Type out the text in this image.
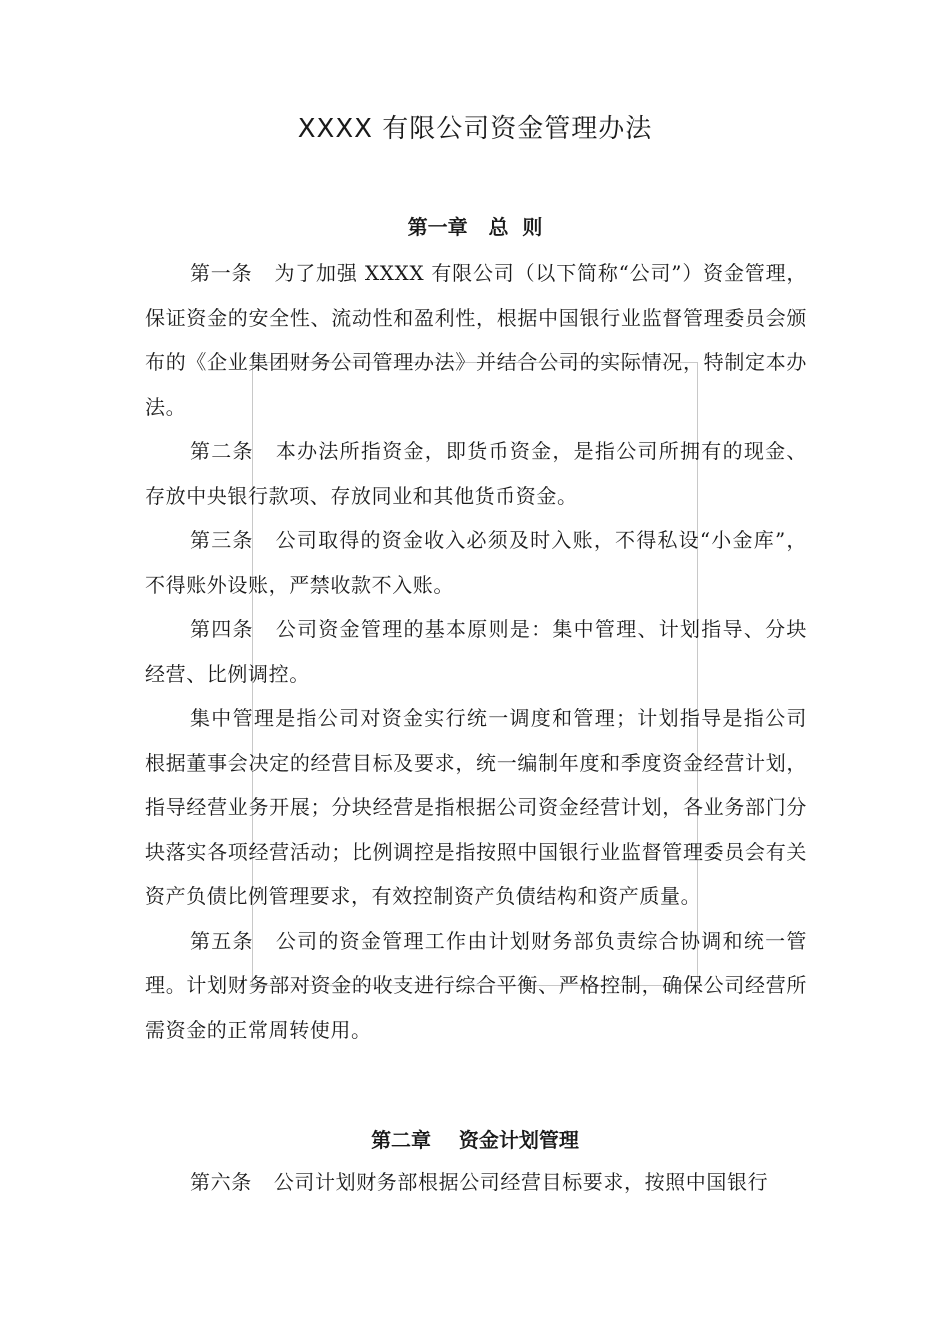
XXXX 有限公司资金管理办法
第一章   总  则

第一条 为了加强 XXXX 有限公司（以下简称“公司”）资金管理，保证资金的安全性、流动性和盈利性，根据中国银行业监督管理委员会颁布的《企业集团财务公司管理办法》并结合公司的实际情况，特制定本办法。

第二条 本办法所指资金，即货币资金，是指公司所拥有的现金、存放中央银行款项、存放同业和其他货币资金。

第三条 公司取得的资金收入必须及时入账，不得私设“小金库”，不得账外设账，严禁收款不入账。

第四条 公司资金管理的基本原则是：集中管理、计划指导、分块经营、比例调控。

集中管理是指公司对资金实行统一调度和管理；计划指导是指公司根据董事会决定的经营目标及要求，统一编制年度和季度资金经营计划，指导经营业务开展；分块经营是指根据公司资金经营计划，各业务部门分块落实各项经营活动；比例调控是指按照中国银行业监督管理委员会有关资产负债比例管理要求，有效控制资产负债结构和资产质量。

第五条 公司的资金管理工作由计划财务部负责综合协调和统一管理。计划财务部对资金的收支进行综合平衡、严格控制，确保公司经营所需资金的正常周转使用。

第二章    资金计划管理

第六条 公司计划财务部根据公司经营目标要求，按照中国银行
